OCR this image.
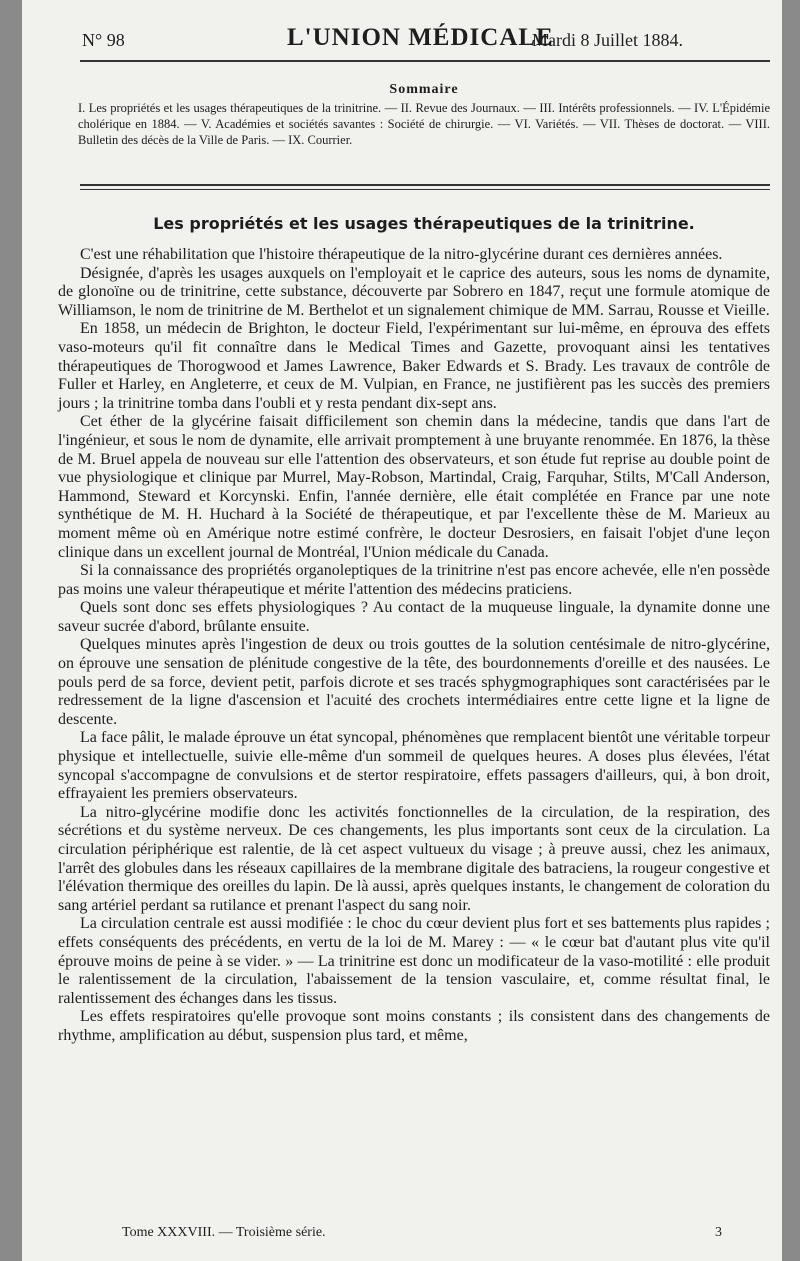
N° 98	L'UNION MÉDICALE
Mardi 8 Juillet 1884.
Sommaire
I. Les propriétés et les usages thérapeutiques de la trinitrine. — II. Revue des Journaux. — III. Intérêts professionnels. — IV. L'Épidémie cholérique en 1884. — V. Académies et sociétés savantes : Société de chirurgie. — VI. Variétés. — VII. Thèses de doctorat. — VIII. Bulletin des décès de la Ville de Paris. — IX. Courrier.
Les propriétés et les usages thérapeutiques de la trinitrine.

C'est une réhabilitation que l'histoire thérapeutique de la nitro-glycérine durant ces dernières années.

Désignée, d'après les usages auxquels on l'employait et le caprice des auteurs, sous les noms de dynamite, de glonoïne ou de trinitrine, cette substance, découverte par Sobrero en 1847, reçut une formule atomique de Williamson, le nom de trinitrine de M. Berthelot et un signalement chimique de MM. Sarrau, Rousse et Vieille.

En 1858, un médecin de Brighton, le docteur Field, l'expérimentant sur lui-même, en éprouva des effets vaso-moteurs qu'il fit connaître dans le Medical Times and Gazette, provoquant ainsi les tentatives thérapeutiques de Thorogwood et James Lawrence, Baker Edwards et S. Brady. Les travaux de contrôle de Fuller et Harley, en Angleterre, et ceux de M. Vulpian, en France, ne justifièrent pas les succès des premiers jours ; la trinitrine tomba dans l'oubli et y resta pendant dix-sept ans.

Cet éther de la glycérine faisait difficilement son chemin dans la médecine, tandis que dans l'art de l'ingénieur, et sous le nom de dynamite, elle arrivait promptement à une bruyante renommée. En 1876, la thèse de M. Bruel appela de nouveau sur elle l'attention des observateurs, et son étude fut reprise au double point de vue physiologique et clinique par Murrel, May-Robson, Martindal, Craig, Farquhar, Stilts, M'Call Anderson, Hammond, Steward et Korcynski. Enfin, l'année dernière, elle était complétée en France par une note synthétique de M. H. Huchard à la Société de thérapeutique, et par l'excellente thèse de M. Marieux au moment même où en Amérique notre estimé confrère, le docteur Desrosiers, en faisait l'objet d'une leçon clinique dans un excellent journal de Montréal, l'Union médicale du Canada.

Si la connaissance des propriétés organoleptiques de la trinitrine n'est pas encore achevée, elle n'en possède pas moins une valeur thérapeutique et mérite l'attention des médecins praticiens.

Quels sont donc ses effets physiologiques ? Au contact de la muqueuse linguale, la dynamite donne une saveur sucrée d'abord, brûlante ensuite.

Quelques minutes après l'ingestion de deux ou trois gouttes de la solution centésimale de nitro-glycérine, on éprouve une sensation de plénitude congestive de la tête, des bourdonnements d'oreille et des nausées. Le pouls perd de sa force, devient petit, parfois dicrote et ses tracés sphygmographiques sont caractérisées par le redressement de la ligne d'ascension et l'acuité des crochets intermédiaires entre cette ligne et la ligne de descente.

La face pâlit, le malade éprouve un état syncopal, phénomènes que remplacent bientôt une véritable torpeur physique et intellectuelle, suivie elle-même d'un sommeil de quelques heures. A doses plus élevées, l'état syncopal s'accompagne de convulsions et de stertor respiratoire, effets passagers d'ailleurs, qui, à bon droit, effrayaient les premiers observateurs.

La nitro-glycérine modifie donc les activités fonctionnelles de la circulation, de la respiration, des sécrétions et du système nerveux. De ces changements, les plus importants sont ceux de la circulation. La circulation périphérique est ralentie, de là cet aspect vultueux du visage ; à preuve aussi, chez les animaux, l'arrêt des globules dans les réseaux capillaires de la membrane digitale des batraciens, la rougeur congestive et l'élévation thermique des oreilles du lapin. De là aussi, après quelques instants, le changement de coloration du sang artériel perdant sa rutilance et prenant l'aspect du sang noir.

La circulation centrale est aussi modifiée : le choc du cœur devient plus fort et ses battements plus rapides ; effets conséquents des précédents, en vertu de la loi de M. Marey : — « le cœur bat d'autant plus vite qu'il éprouve moins de peine à se vider. » — La trinitrine est donc un modificateur de la vaso-motilité : elle produit le ralentissement de la circulation, l'abaissement de la tension vasculaire, et, comme résultat final, le ralentissement des échanges dans les tissus.

Les effets respiratoires qu'elle provoque sont moins constants ; ils consistent dans des changements de rhythme, amplification au début, suspension plus tard, et même,

Tome XXXVIII. — Troisième série.	3
